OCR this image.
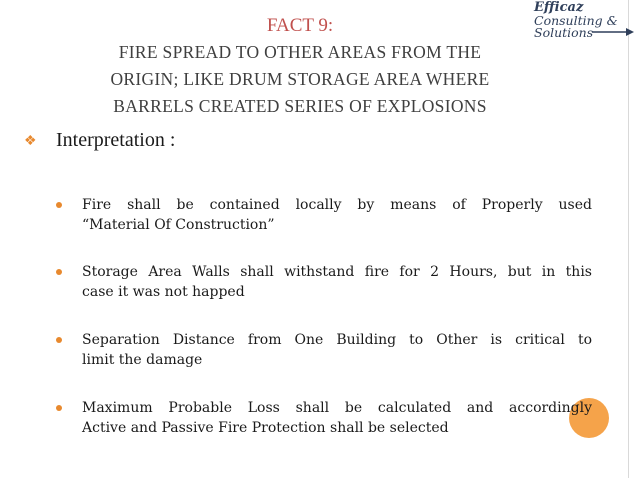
Efficaz
Consulting &
Solutions
FACT 9:
FIRE SPREAD TO OTHER AREAS FROM THE
ORIGIN; LIKE DRUM STORAGE AREA WHERE
BARRELS CREATED SERIES OF EXPLOSIONS
❖ Interpretation :
Fire shall be contained locally by means of Properly used
“Material Of Construction”
Storage Area Walls shall withstand fire for 2 Hours, but in this
case it was not happed
Separation Distance from One Building to Other is critical to
limit the damage
Maximum Probable Loss shall be calculated and accordingly
Active and Passive Fire Protection shall be selected
